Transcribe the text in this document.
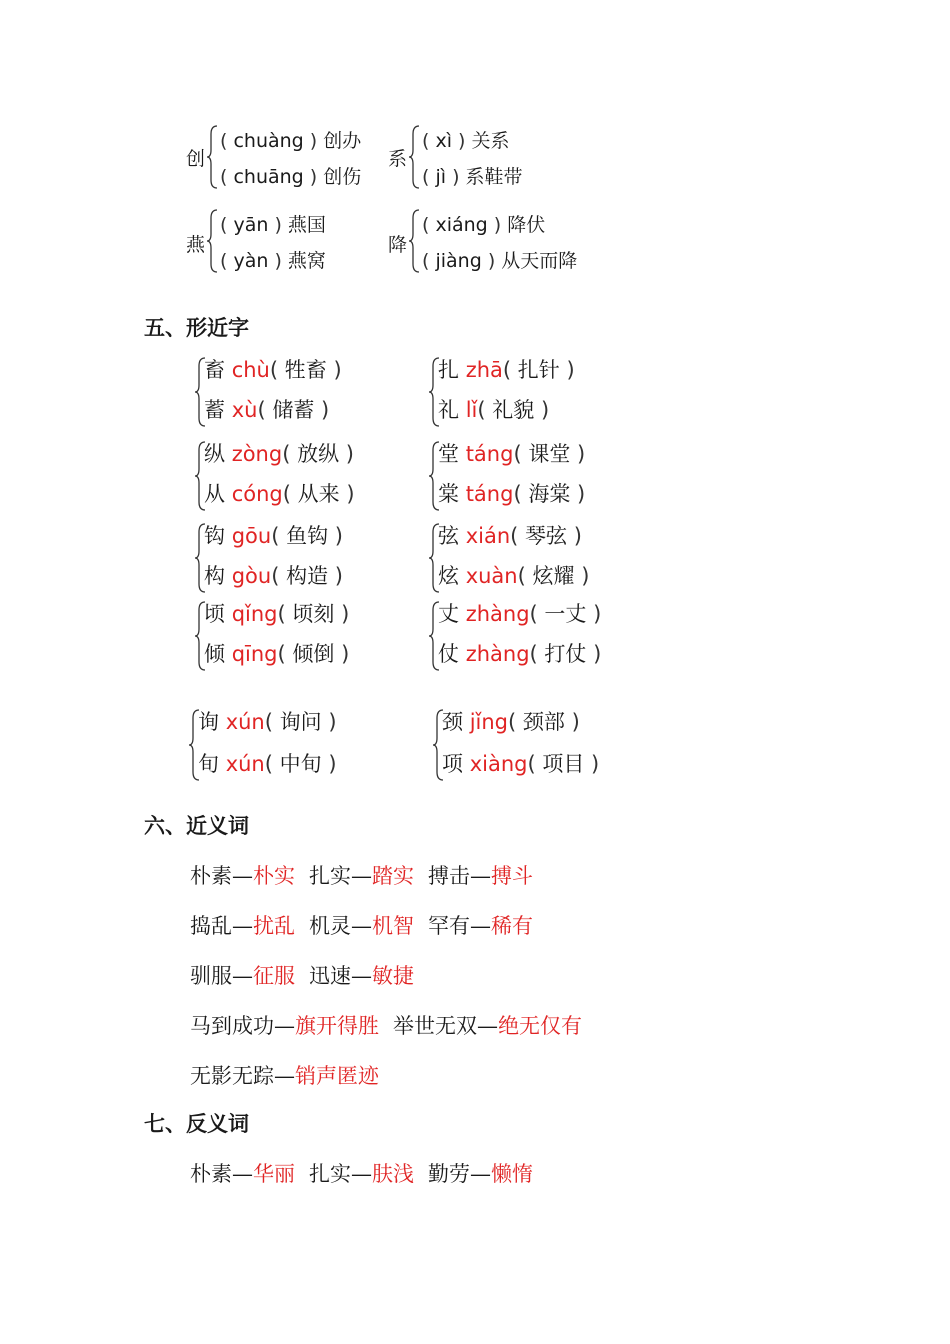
创
( chuàng ) 创办
( chuāng ) 创伤
系
( xì ) 关系
( jì ) 系鞋带
燕
( yān ) 燕国
( yàn ) 燕窝
降
( xiáng ) 降伏
( jiàng ) 从天而降
五、形近字
畜 chù( 牲畜 )
蓄 xù( 储蓄 )
扎 zhā( 扎针 )
礼 lǐ( 礼貌 )
纵 zòng( 放纵 )
从 cóng( 从来 )
堂 táng( 课堂 )
棠 táng( 海棠 )
钩 gōu( 鱼钩 )
构 gòu( 构造 )
弦 xián( 琴弦 )
炫 xuàn( 炫耀 )
顷 qǐng( 顷刻 )
倾 qīng( 倾倒 )
丈 zhàng( 一丈 )
仗 zhàng( 打仗 )
询 xún( 询问 )
旬 xún( 中旬 )
颈 jǐng( 颈部 )
项 xiàng( 项目 )
六、近义词
朴素—朴实 扎实—踏实 搏击—搏斗
捣乱—扰乱 机灵—机智 罕有—稀有
驯服—征服 迅速—敏捷
马到成功—旗开得胜 举世无双—绝无仅有
无影无踪—销声匿迹
七、反义词
朴素—华丽 扎实—肤浅 勤劳—懒惰
